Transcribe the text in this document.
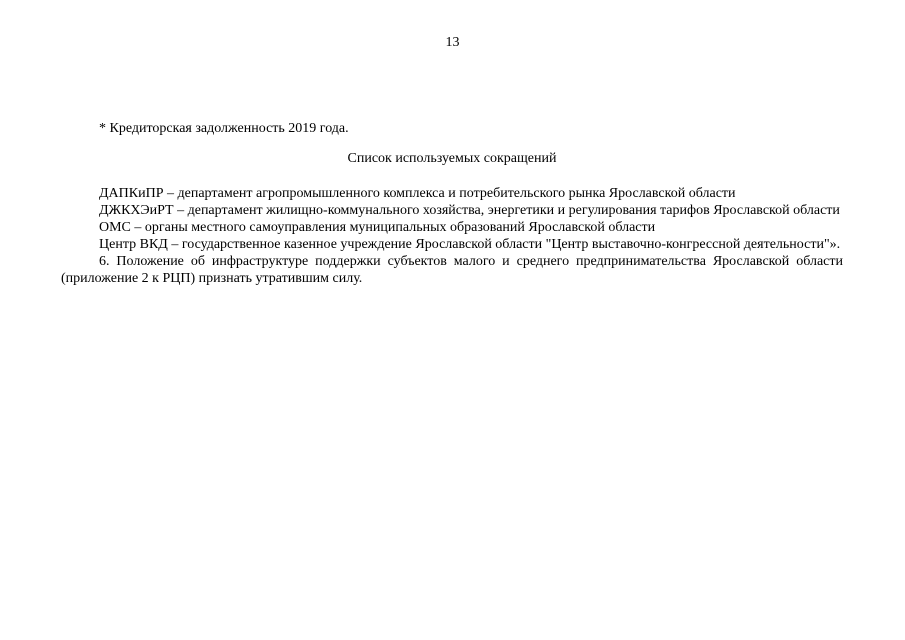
13

* Кредиторская задолженность 2019 года.

Список используемых сокращений

ДАПКиПР – департамент агропромышленного комплекса и потребительского рынка Ярославской области

ДЖКХЭиРТ – департамент жилищно-коммунального хозяйства, энергетики и регулирования тарифов Ярославской области

ОМС – органы местного самоуправления муниципальных образований Ярославской области

Центр ВКД – государственное казенное учреждение Ярославской области "Центр выставочно-конгрессной деятельности"».

6. Положение об инфраструктуре поддержки субъектов малого и среднего предпринимательства Ярославской области (приложение 2 к РЦП) признать утратившим силу.
